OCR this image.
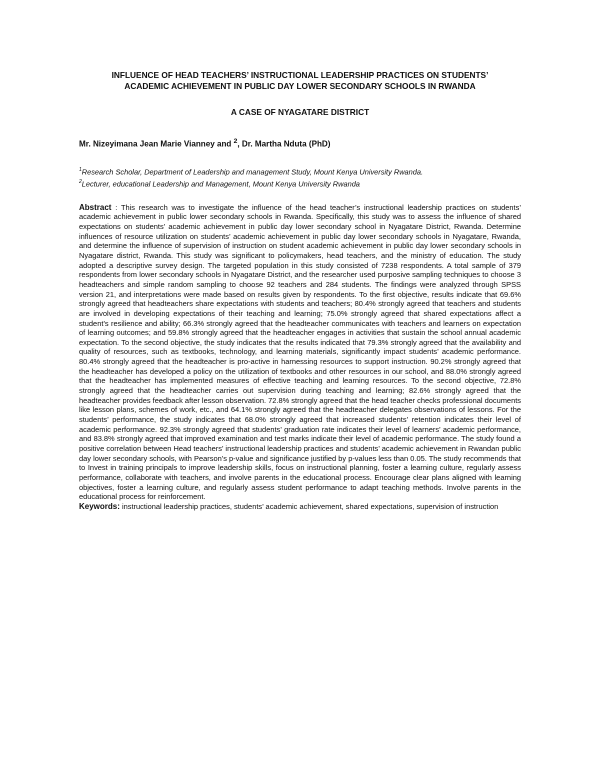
INFLUENCE OF HEAD TEACHERS’ INSTRUCTIONAL LEADERSHIP PRACTICES ON STUDENTS’
ACADEMIC ACHIEVEMENT IN PUBLIC DAY LOWER SECONDARY SCHOOLS IN RWANDA

A CASE OF NYAGATARE DISTRICT

Mr. Nizeyimana Jean Marie Vianney and $^2$, Dr. Martha Nduta (PhD)

$^1$Research Scholar, Department of Leadership and management Study, Mount Kenya University Rwanda.
$^2$Lecturer, educational Leadership and Management, Mount Kenya University Rwanda

Abstract : This research was to investigate the influence of the head teacher’s instructional leadership practices on students’ academic achievement in public lower secondary schools in Rwanda. Specifically, this study was to assess the influence of shared expectations on students’ academic achievement in public day lower secondary school in Nyagatare District, Rwanda. Determine influences of resource utilization on students’ academic achievement in public day lower secondary schools in Nyagatare, Rwanda, and determine the influence of supervision of instruction on student academic achievement in public day lower secondary schools in Nyagatare district, Rwanda. This study was significant to policymakers, head teachers, and the ministry of education. The study adopted a descriptive survey design. The targeted population in this study consisted of 7238 respondents. A total sample of 379 respondents from lower secondary schools in Nyagatare District, and the researcher used purposive sampling techniques to choose 3 headteachers and simple random sampling to choose 92 teachers and 284 students. The findings were analyzed through SPSS version 21, and interpretations were made based on results given by respondents. To the first objective, results indicate that 69.6% strongly agreed that headteachers share expectations with students and teachers; 80.4% strongly agreed that teachers and students are involved in developing expectations of their teaching and learning; 75.0% strongly agreed that shared expectations affect a student’s resilience and ability; 66.3% strongly agreed that the headteacher communicates with teachers and learners on expectation of learning outcomes; and 59.8% strongly agreed that the headteacher engages in activities that sustain the school annual academic expectation. To the second objective, the study indicates that the results indicated that 79.3% strongly agreed that the availability and quality of resources, such as textbooks, technology, and learning materials, significantly impact students’ academic performance. 80.4% strongly agreed that the headteacher is pro-active in harnessing resources to support instruction. 90.2% strongly agreed that the headteacher has developed a policy on the utilization of textbooks and other resources in our school, and 88.0% strongly agreed that the headteacher has implemented measures of effective teaching and learning resources. To the second objective, 72.8% strongly agreed that the headteacher carries out supervision during teaching and learning; 82.6% strongly agreed that the headteacher provides feedback after lesson observation. 72.8% strongly agreed that the head teacher checks professional documents like lesson plans, schemes of work, etc., and 64.1% strongly agreed that the headteacher delegates observations of lessons. For the students’ performance, the study indicates that 68.0% strongly agreed that increased students’ retention indicates their level of academic performance. 92.3% strongly agreed that students’ graduation rate indicates their level of learners’ academic performance, and 83.8% strongly agreed that improved examination and test marks indicate their level of academic performance. The study found a positive correlation between Head teachers’ instructional leadership practices and students’ academic achievement in Rwandan public day lower secondary schools, with Pearson’s p-value and significance justified by p-values less than 0.05. The study recommends that to Invest in training principals to improve leadership skills, focus on instructional planning, foster a learning culture, regularly assess performance, collaborate with teachers, and involve parents in the educational process. Encourage clear plans aligned with learning objectives, foster a learning culture, and regularly assess student performance to adapt teaching methods. Involve parents in the educational process for reinforcement.

Keywords: instructional leadership practices, students’ academic achievement, shared expectations, supervision of instruction
